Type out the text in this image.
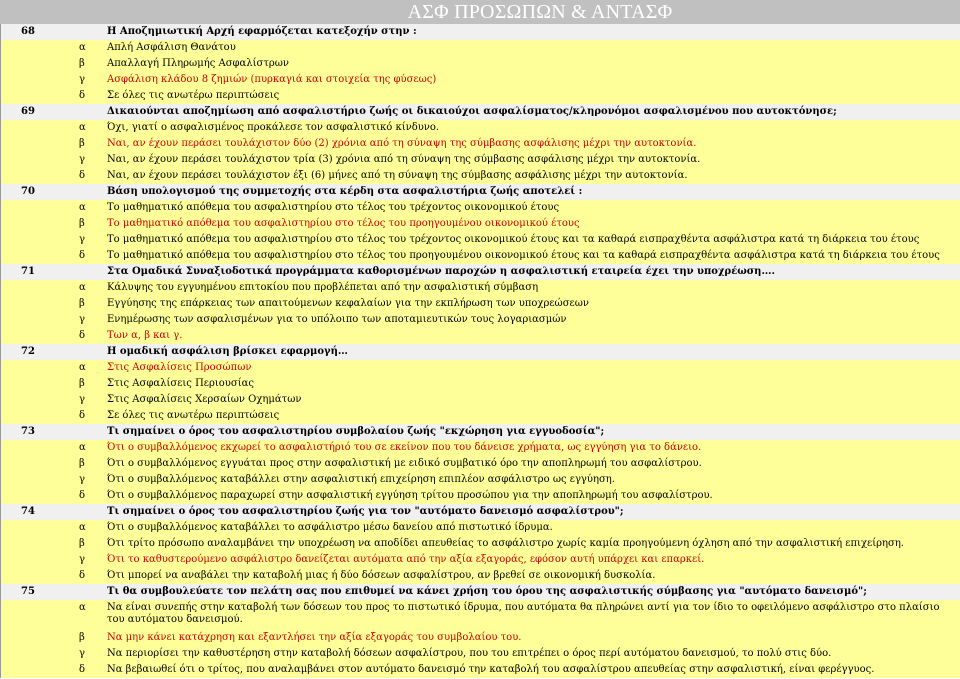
ΑΣΦ ΠΡΟΣΩΠΩΝ & ΑΝΤΑΣΦ
68	Η Αποζημιωτική Αρχή εφαρμόζεται κατεξοχήν στην :
α	Απλή Ασφάλιση Θανάτου
β	Απαλλαγή Πληρωμής Ασφαλίστρων
γ	Ασφάλιση κλάδου 8 ζημιών (πυρκαγιά και στοιχεία της φύσεως)
δ	Σε όλες τις ανωτέρω περιπτώσεις
69	Δικαιούνται αποζημίωση από ασφαλιστήριο ζωής οι δικαιούχοι ασφαλίσματος/κληρονόμοι ασφαλισμένου που αυτοκτόνησε;
α	Όχι, γιατί ο ασφαλισμένος προκάλεσε τον ασφαλιστικό κίνδυνο.
β	Ναι, αν έχουν περάσει τουλάχιστον δύο (2) χρόνια από τη σύναψη της σύμβασης ασφάλισης μέχρι την αυτοκτονία.
γ	Ναι, αν έχουν περάσει τουλάχιστον τρία (3) χρόνια από τη σύναψη της σύμβασης ασφάλισης μέχρι την αυτοκτονία.
δ	Ναι, αν έχουν περάσει τουλάχιστον έξι (6) μήνες από τη σύναψη της σύμβασης ασφάλισης μέχρι την αυτοκτονία.
70	Βάση υπολογισμού της συμμετοχής στα κέρδη στα ασφαλιστήρια ζωής αποτελεί :
α	Το μαθηματικό απόθεμα του ασφαλιστηρίου στο τέλος του τρέχοντος οικονομικού έτους
β	Το μαθηματικό απόθεμα του ασφαλιστηρίου στο τέλος του προηγουμένου οικονομικού έτους
γ	Το μαθηματικό απόθεμα του ασφαλιστηρίου στο τέλος του τρέχοντος οικονομικού έτους και τα καθαρά εισπραχθέντα ασφάλιστρα κατά τη διάρκεια του έτους
δ	Το μαθηματικό απόθεμα του ασφαλιστηρίου στο τέλος του προηγουμένου οικονομικού έτους και τα καθαρά εισπραχθέντα ασφάλιστρα κατά τη διάρκεια του έτους
71	Στα Ομαδικά Συναξιοδοτικά προγράμματα καθορισμένων παροχών η ασφαλιστική εταιρεία έχει την υποχρέωση….
α	Κάλυψης του εγγυημένου επιτοκίου που προβλέπεται από την ασφαλιστική σύμβαση
β	Εγγύησης της επάρκειας των απαιτούμενων κεφαλαίων για την εκπλήρωση των υποχρεώσεων
γ	Ενημέρωσης των ασφαλισμένων για το υπόλοιπο των αποταμιευτικών τους λογαριασμών
δ	Των α, β και γ.
72	Η ομαδική ασφάλιση βρίσκει εφαρμογή…
α	Στις Ασφαλίσεις Προσώπων
β	Στις Ασφαλίσεις Περιουσίας
γ	Στις Ασφαλίσεις Χερσαίων Οχημάτων
δ	Σε όλες τις ανωτέρω περιπτώσεις
73	Τι σημαίνει ο όρος του ασφαλιστηρίου συμβολαίου ζωής "εκχώρηση για εγγυοδοσία";
α	Ότι ο συμβαλλόμενος εκχωρεί το ασφαλιστήριό του σε εκείνον που του δάνεισε χρήματα, ως εγγύηση για το δάνειο.
β	Ότι ο συμβαλλόμενος εγγυάται προς στην ασφαλιστική με ειδικό συμβατικό όρο την αποπληρωμή του ασφαλίστρου.
γ	Ότι ο συμβαλλόμενος καταβάλλει στην ασφαλιστική επιχείρηση επιπλέον ασφάλιστρο ως εγγύηση.
δ	Ότι ο συμβαλλόμενος παραχωρεί στην ασφαλιστική εγγύηση τρίτου προσώπου για την αποπληρωμή του ασφαλίστρου.
74	Τι σημαίνει ο όρος του ασφαλιστηρίου ζωής για τον "αυτόματο δανεισμό ασφαλίστρου";
α	Ότι ο συμβαλλόμενος καταβάλλει το ασφάλιστρο μέσω δανείου από πιστωτικό ίδρυμα.
β	Ότι τρίτο πρόσωπο αναλαμβάνει την υποχρέωση να αποδίδει απευθείας το ασφάλιστρο χωρίς καμία προηγούμενη όχληση από την ασφαλιστική επιχείρηση.
γ	Ότι το καθυστερούμενο ασφάλιστρο δανείζεται αυτόματα από την αξία εξαγοράς, εφόσον αυτή υπάρχει και επαρκεί.
δ	Ότι μπορεί να αναβάλει την καταβολή μιας ή δύο δόσεων ασφαλίστρου, αν βρεθεί σε οικονομική δυσκολία.
75	Τι θα συμβουλεύατε τον πελάτη σας που επιθυμεί να κάνει χρήση του όρου της ασφαλιστικής σύμβασης για "αυτόματο δανεισμό";
α	Να είναι συνεπής στην καταβολή των δόσεων του προς το πιστωτικό ίδρυμα, που αυτόματα θα πληρώνει αντί για τον ίδιο το οφειλόμενο ασφάλιστρο στο πλαίσιο του αυτόματου δανεισμού.
β	Να μην κάνει κατάχρηση και εξαντλήσει την αξία εξαγοράς του συμβολαίου του.
γ	Να περιορίσει την καθυστέρηση στην καταβολή δόσεων ασφαλίστρου, που του επιτρέπει ο όρος περί αυτόματου δανεισμού, το πολύ στις δύο.
δ	Να βεβαιωθεί ότι ο τρίτος, που αναλαμβάνει στον αυτόματο δανεισμό την καταβολή του ασφαλίστρου απευθείας στην ασφαλιστική, είναι φερέγγυος.
